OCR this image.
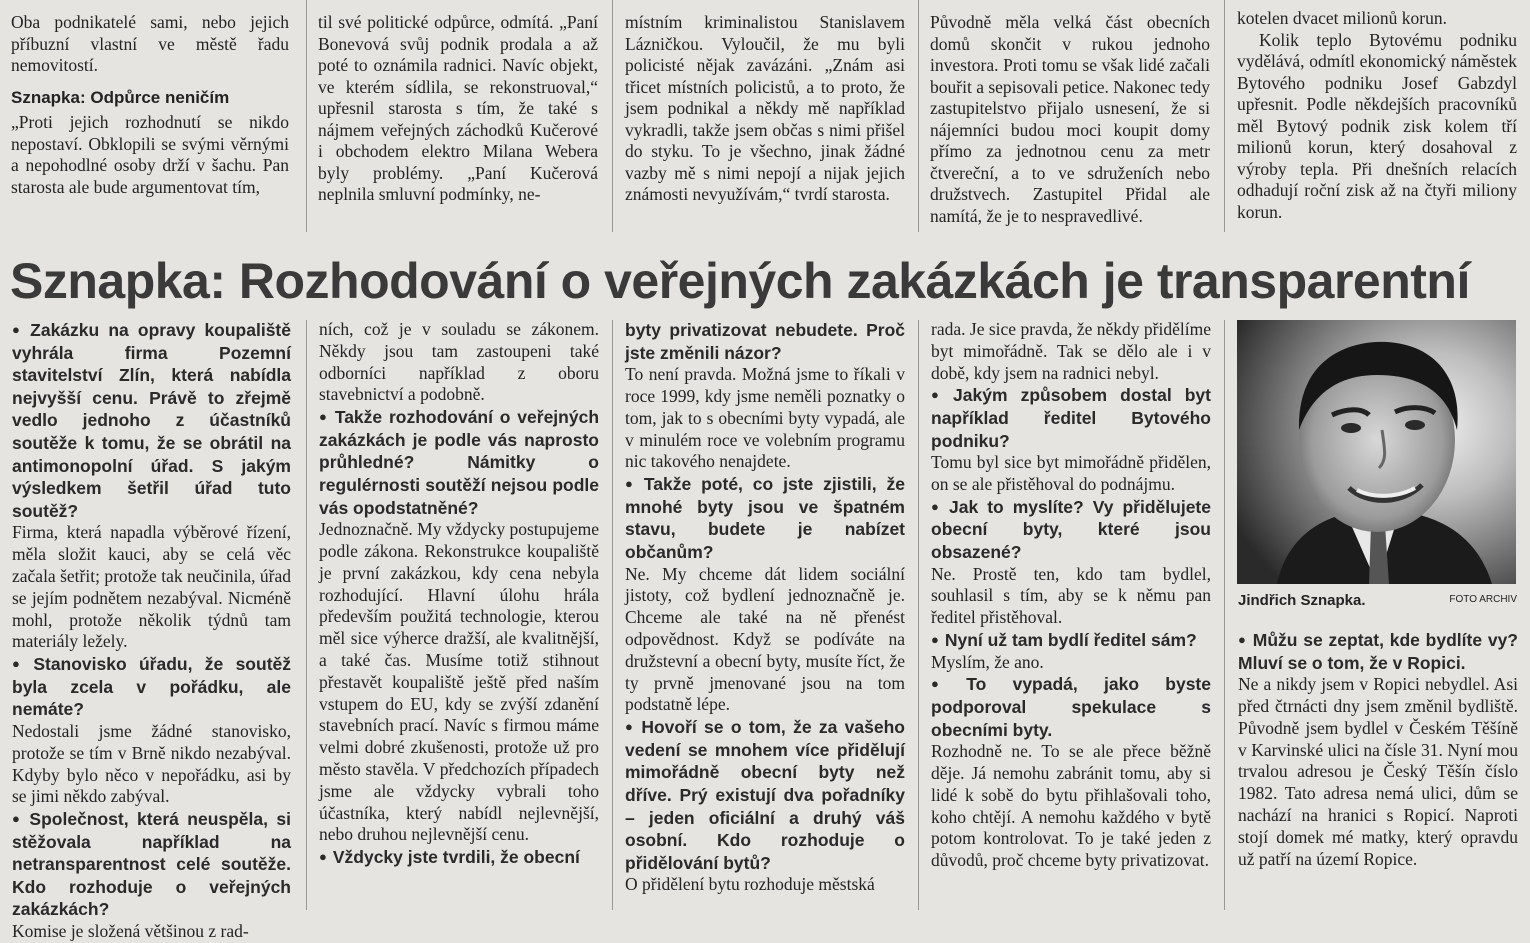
Oba podnikatelé sami, nebo jejich příbuzní vlastní ve městě řadu nemovitostí.

Sznapka: Odpůrce neničím

„Proti jejich rozhodnutí se nikdo nepostaví. Obklopili se svými věrnými a nepohodlné osoby drží v šachu. Pan starosta ale bude argumentovat tím,

til své politické odpůrce, odmítá. „Paní Bonevová svůj podnik prodala a až poté to oznámila radnici. Navíc objekt, ve kterém sídlila, se rekonstruoval,“ upřesnil starosta s tím, že také s nájmem veřejných záchodků Kučerové i obchodem elektro Milana Webera byly problémy. „Paní Kučerová neplnila smluvní podmínky, ne-

místním kriminalistou Stanislavem Lázničkou. Vyloučil, že mu byli policisté nějak zavázáni. „Znám asi třicet místních policistů, a to proto, že jsem podnikal a někdy mě například vykradli, takže jsem občas s nimi přišel do styku. To je všechno, jinak žádné vazby mě s nimi nepojí a nijak jejich známosti nevyužívám,“ tvrdí starosta.

Původně měla velká část obecních domů skončit v rukou jednoho investora. Proti tomu se však lidé začali bouřit a sepisovali petice. Nakonec tedy zastupitelstvo přijalo usnesení, že si nájemníci budou moci koupit domy přímo za jednotnou cenu za metr čtvereční, a to ve sdruženích nebo družstvech. Zastupitel Přidal ale namítá, že je to nespravedlivé.

kotelen dvacet milionů korun.

Kolik teplo Bytovému podniku vydělává, odmítl ekonomický náměstek Bytového podniku Josef Gabzdyl upřesnit. Podle někdejších pracovníků měl Bytový podnik zisk kolem tří milionů korun, který dosahoval z výroby tepla. Při dnešních relacích odhadují roční zisk až na čtyři miliony korun.

Sznapka: Rozhodování o veřejných zakázkách je transparentní

● Zakázku na opravy koupaliště vyhrála firma Pozemní stavitelství Zlín, která nabídla nejvyšší cenu. Právě to zřejmě vedlo jednoho z účastníků soutěže k tomu, že se obrátil na antimonopolní úřad. S jakým výsledkem šetřil úřad tuto soutěž?

Firma, která napadla výběrové řízení, měla složit kauci, aby se celá věc začala šetřit; protože tak neučinila, úřad se jejím podnětem nezabýval. Nicméně mohl, protože několik týdnů tam materiály ležely.

● Stanovisko úřadu, že soutěž byla zcela v pořádku, ale nemáte?

Nedostali jsme žádné stanovisko, protože se tím v Brně nikdo nezabýval. Kdyby bylo něco v nepořádku, asi by se jimi někdo zabýval.

● Společnost, která neuspěla, si stěžovala například na netransparentnost celé soutěže. Kdo rozhoduje o veřejných zakázkách?

Komise je složená většinou z rad-

ních, což je v souladu se zákonem. Někdy jsou tam zastoupeni také odborníci například z oboru stavebnictví a podobně.

● Takže rozhodování o veřejných zakázkách je podle vás naprosto průhledné? Námitky o regulérnosti soutěží nejsou podle vás opodstatněné?

Jednoznačně. My vždycky postupujeme podle zákona. Rekonstrukce koupaliště je první zakázkou, kdy cena nebyla rozhodující. Hlavní úlohu hrála především použitá technologie, kterou měl sice výherce dražší, ale kvalitnější, a také čas. Musíme totiž stihnout přestavět koupaliště ještě před naším vstupem do EU, kdy se zvýší zdanění stavebních prací. Navíc s firmou máme velmi dobré zkušenosti, protože už pro město stavěla. V předchozích případech jsme ale vždycky vybrali toho účastníka, který nabídl nejlevnější, nebo druhou nejlevnější cenu.

● Vždycky jste tvrdili, že obecní

byty privatizovat nebudete. Proč jste změnili názor?

To není pravda. Možná jsme to říkali v roce 1999, kdy jsme neměli poznatky o tom, jak to s obecními byty vypadá, ale v minulém roce ve volebním programu nic takového nenajdete.

● Takže poté, co jste zjistili, že mnohé byty jsou ve špatném stavu, budete je nabízet občanům?

Ne. My chceme dát lidem sociální jistoty, což bydlení jednoznačně je. Chceme ale také na ně přenést odpovědnost. Když se podíváte na družstevní a obecní byty, musíte říct, že ty prvně jmenované jsou na tom podstatně lépe.

● Hovoří se o tom, že za vašeho vedení se mnohem více přidělují mimořádně obecní byty než dříve. Prý existují dva pořadníky – jeden oficiální a druhý váš osobní. Kdo rozhoduje o přidělování bytů?

O přidělení bytu rozhoduje městská

rada. Je sice pravda, že někdy přidělíme byt mimořádně. Tak se dělo ale i v době, kdy jsem na radnici nebyl.

● Jakým způsobem dostal byt například ředitel Bytového podniku?

Tomu byl sice byt mimořádně přidělen, on se ale přistěhoval do podnájmu.

● Jak to myslíte? Vy přidělujete obecní byty, které jsou obsazené?

Ne. Prostě ten, kdo tam bydlel, souhlasil s tím, aby se k němu pan ředitel přistěhoval.

● Nyní už tam bydlí ředitel sám?

Myslím, že ano.

● To vypadá, jako byste podporoval spekulace s obecními byty.

Rozhodně ne. To se ale přece běžně děje. Já nemohu zabránit tomu, aby si lidé k sobě do bytu přihlašovali toho, koho chtějí. A nemohu každého v bytě potom kontrolovat. To je také jeden z důvodů, proč chceme byty privatizovat.

Jindřich Sznapka.	FOTO ARCHIV

● Můžu se zeptat, kde bydlíte vy? Mluví se o tom, že v Ropici.

Ne a nikdy jsem v Ropici nebydlel. Asi před čtrnácti dny jsem změnil bydliště. Původně jsem bydlel v Českém Těšíně v Karvinské ulici na čísle 31. Nyní mou trvalou adresou je Český Těšín číslo 1982. Tato adresa nemá ulici, dům se nachází na hranici s Ropicí. Naproti stojí domek mé matky, který opravdu už patří na území Ropice.
